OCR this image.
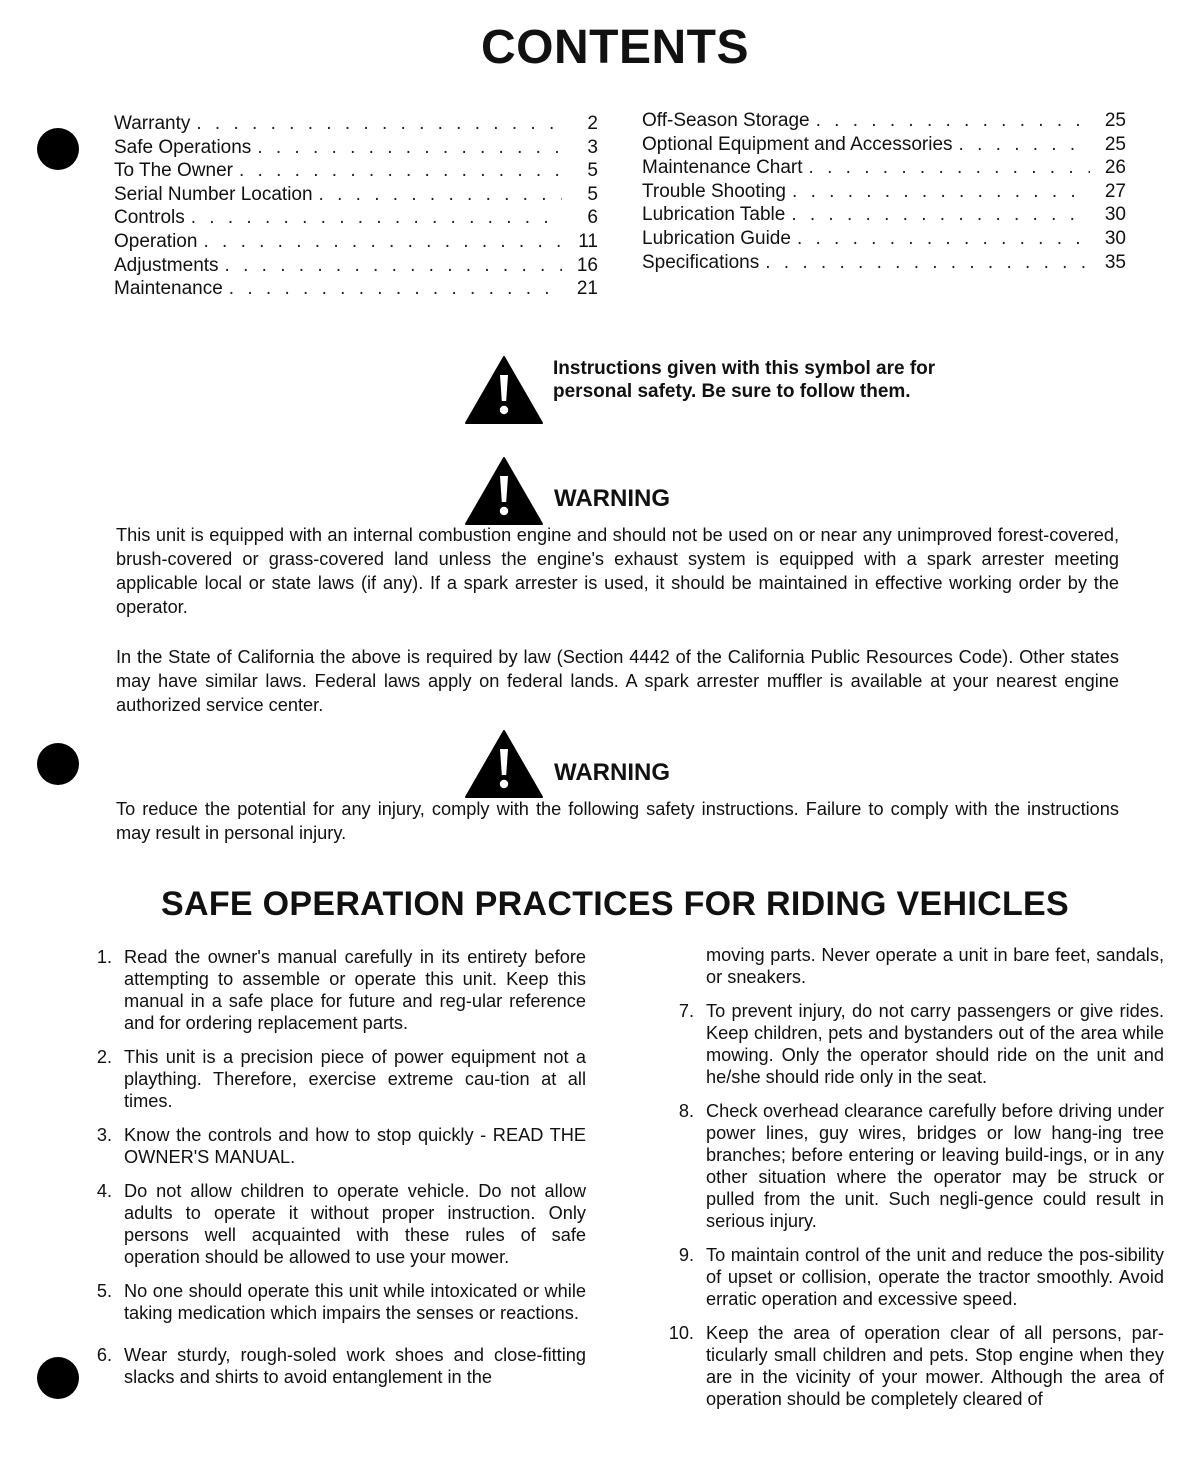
CONTENTS
Warranty . . .	2
Safe Operations . . .	3
To The Owner . . .	5
Serial Number Location . . .	5
Controls . . .	6
Operation . . .	11
Adjustments . . .	16
Maintenance . . .	21
Off-Season Storage . . .	25
Optional Equipment and Accessories . . .	25
Maintenance Chart . . .	26
Trouble Shooting . . .	27
Lubrication Table . . .	30
Lubrication Guide . . .	30
Specifications . . .	35
Instructions given with this symbol are for personal safety. Be sure to follow them.
WARNING
This unit is equipped with an internal combustion engine and should not be used on or near any unimproved forest-covered, brush-covered or grass-covered land unless the engine's exhaust system is equipped with a spark arrester meeting applicable local or state laws (if any). If a spark arrester is used, it should be maintained in effective working order by the operator.
In the State of California the above is required by law (Section 4442 of the California Public Resources Code). Other states may have similar laws. Federal laws apply on federal lands. A spark arrester muffler is available at your nearest engine authorized service center.
WARNING
To reduce the potential for any injury, comply with the following safety instructions. Failure to comply with the instructions may result in personal injury.
SAFE OPERATION PRACTICES FOR RIDING VEHICLES
1. Read the owner's manual carefully in its entirety before attempting to assemble or operate this unit. Keep this manual in a safe place for future and reg-ular reference and for ordering replacement parts.
2. This unit is a precision piece of power equipment not a plaything. Therefore, exercise extreme cau-tion at all times.
3. Know the controls and how to stop quickly - READ THE OWNER'S MANUAL.
4. Do not allow children to operate vehicle. Do not allow adults to operate it without proper instruction. Only persons well acquainted with these rules of safe operation should be allowed to use your mower.
5. No one should operate this unit while intoxicated or while taking medication which impairs the senses or reactions.
6. Wear sturdy, rough-soled work shoes and close-fitting slacks and shirts to avoid entanglement in the
moving parts. Never operate a unit in bare feet, sandals, or sneakers.
7. To prevent injury, do not carry passengers or give rides. Keep children, pets and bystanders out of the area while mowing. Only the operator should ride on the unit and he/she should ride only in the seat.
8. Check overhead clearance carefully before driving under power lines, guy wires, bridges or low hang-ing tree branches; before entering or leaving build-ings, or in any other situation where the operator may be struck or pulled from the unit. Such negli-gence could result in serious injury.
9. To maintain control of the unit and reduce the pos-sibility of upset or collision, operate the tractor smoothly. Avoid erratic operation and excessive speed.
10. Keep the area of operation clear of all persons, par-ticularly small children and pets. Stop engine when they are in the vicinity of your mower. Although the area of operation should be completely cleared of
